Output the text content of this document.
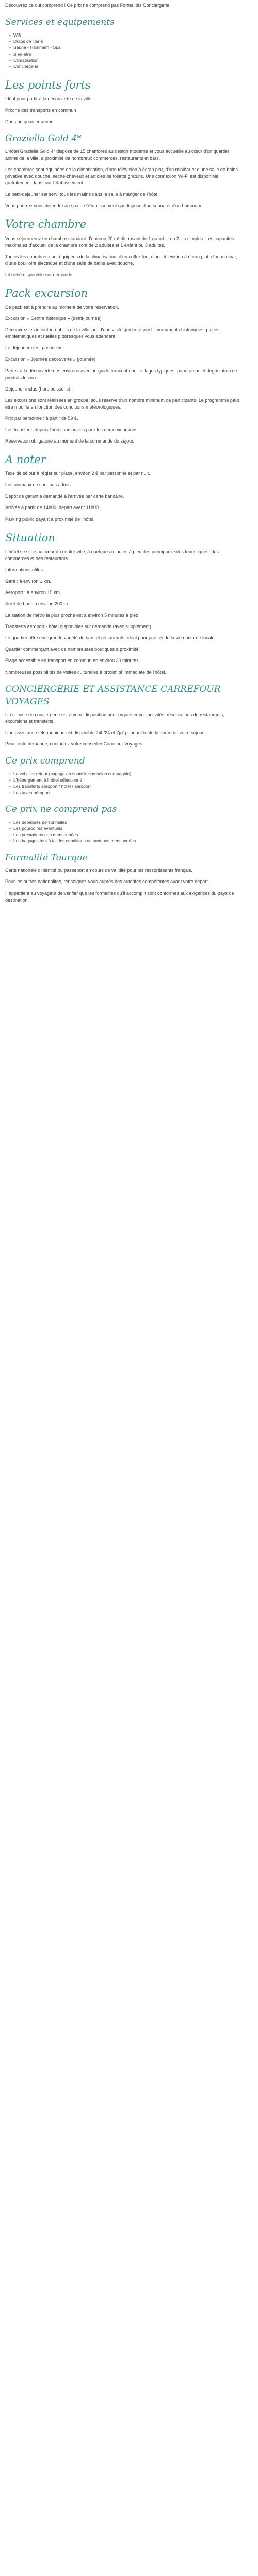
Découvrez ce qui comprend ! Ce prix ne comprend pas Formalités Conciergerie
Services et équipements
• Wifi
• Draps de literie
• Sauna - Hammam - Spa
• Bien-être
• Climatisation
• Conciergerie
Les points forts

Idéal pour partir à la découverte de la ville

Proche des transports en commun

Dans un quartier animé

Graziella Gold 4*

L'hôtel Graziella Gold 4* dispose de 15 chambres au design moderne et vous accueille au cœur d'un quartier animé de la ville, à proximité de nombreux commerces, restaurants et bars.

Les chambres sont équipées de la climatisation, d'une télévision à écran plat, d'un minibar et d'une salle de bains privative avec douche, sèche-cheveux et articles de toilette gratuits. Une connexion Wi-Fi est disponible gratuitement dans tout l'établissement.

Le petit-déjeuner est servi tous les matins dans la salle à manger de l'hôtel.

Vous pourrez vous détendre au spa de l'établissement qui dispose d'un sauna et d'un hammam.

Votre chambre

Vous séjournerez en chambre standard d'environ 20 m² disposant de 1 grand lit ou 2 lits simples. Les capacités maximales d'accueil de la chambre sont de 2 adultes et 1 enfant ou 3 adultes.

Toutes les chambres sont équipées de la climatisation, d'un coffre-fort, d'une télévision à écran plat, d'un minibar, d'une bouilloire électrique et d'une salle de bains avec douche.

Lit bébé disponible sur demande.

Pack excursion

Ce pack est à prendre au moment de votre réservation.

Excursion « Centre historique » (demi-journée)

Découvrez les incontournables de la ville lors d'une visite guidée à pied : monuments historiques, places emblématiques et ruelles pittoresques vous attendent.

Le déjeuner n'est pas inclus.

Excursion « Journée découverte » (journée)

Partez à la découverte des environs avec un guide francophone : villages typiques, panoramas et dégustation de produits locaux.

Déjeuner inclus (hors boissons).

Les excursions sont réalisées en groupe, sous réserve d'un nombre minimum de participants. Le programme peut être modifié en fonction des conditions météorologiques.

Prix par personne : à partir de 59 €.

Les transferts depuis l'hôtel sont inclus pour les deux excursions.

Réservation obligatoire au moment de la commande du séjour.

A noter

Taxe de séjour à régler sur place, environ 2 € par personne et par nuit.

Les animaux ne sont pas admis.

Dépôt de garantie demandé à l'arrivée par carte bancaire.

Arrivée à partir de 14h00, départ avant 11h00.

Parking public payant à proximité de l'hôtel.

Situation

L'hôtel se situe au cœur du centre-ville, à quelques minutes à pied des principaux sites touristiques, des commerces et des restaurants.

Informations utiles :

Gare : à environ 1 km.

Aéroport : à environ 15 km.

Arrêt de bus : à environ 200 m.

La station de métro la plus proche est à environ 5 minutes à pied.

Transferts aéroport - hôtel disponibles sur demande (avec supplément).

Le quartier offre une grande variété de bars et restaurants, idéal pour profiter de la vie nocturne locale.

Quartier commerçant avec de nombreuses boutiques à proximité.

Plage accessible en transport en commun en environ 30 minutes.

Nombreuses possibilités de visites culturelles à proximité immédiate de l'hôtel.

CONCIERGERIE ET ASSISTANCE CARREFOUR VOYAGES

Un service de conciergerie est à votre disposition pour organiser vos activités, réservations de restaurants, excursions et transferts.

Une assistance téléphonique est disponible 24h/24 et 7j/7 pendant toute la durée de votre séjour.

Pour toute demande, contactez votre conseiller Carrefour Voyages.

Ce prix comprend
• Le vol aller-retour (bagage en soute inclus selon compagnie)
• L'hébergement à l'hôtel sélectionné
• Les transferts aéroport / hôtel / aéroport
• Les taxes aéroport
Ce prix ne comprend pas
• Les dépenses personnelles
• Les pourboires éventuels
• Les prestations non mentionnées
• Les bagages tout à fait les conditions ne sont pas mentionnées
Formalité Tourque

Carte nationale d'identité ou passeport en cours de validité pour les ressortissants français.

Pour les autres nationalités, renseignez-vous auprès des autorités compétentes avant votre départ.

Il appartient au voyageur de vérifier que les formalités qu'il accomplit sont conformes aux exigences du pays de destination.
